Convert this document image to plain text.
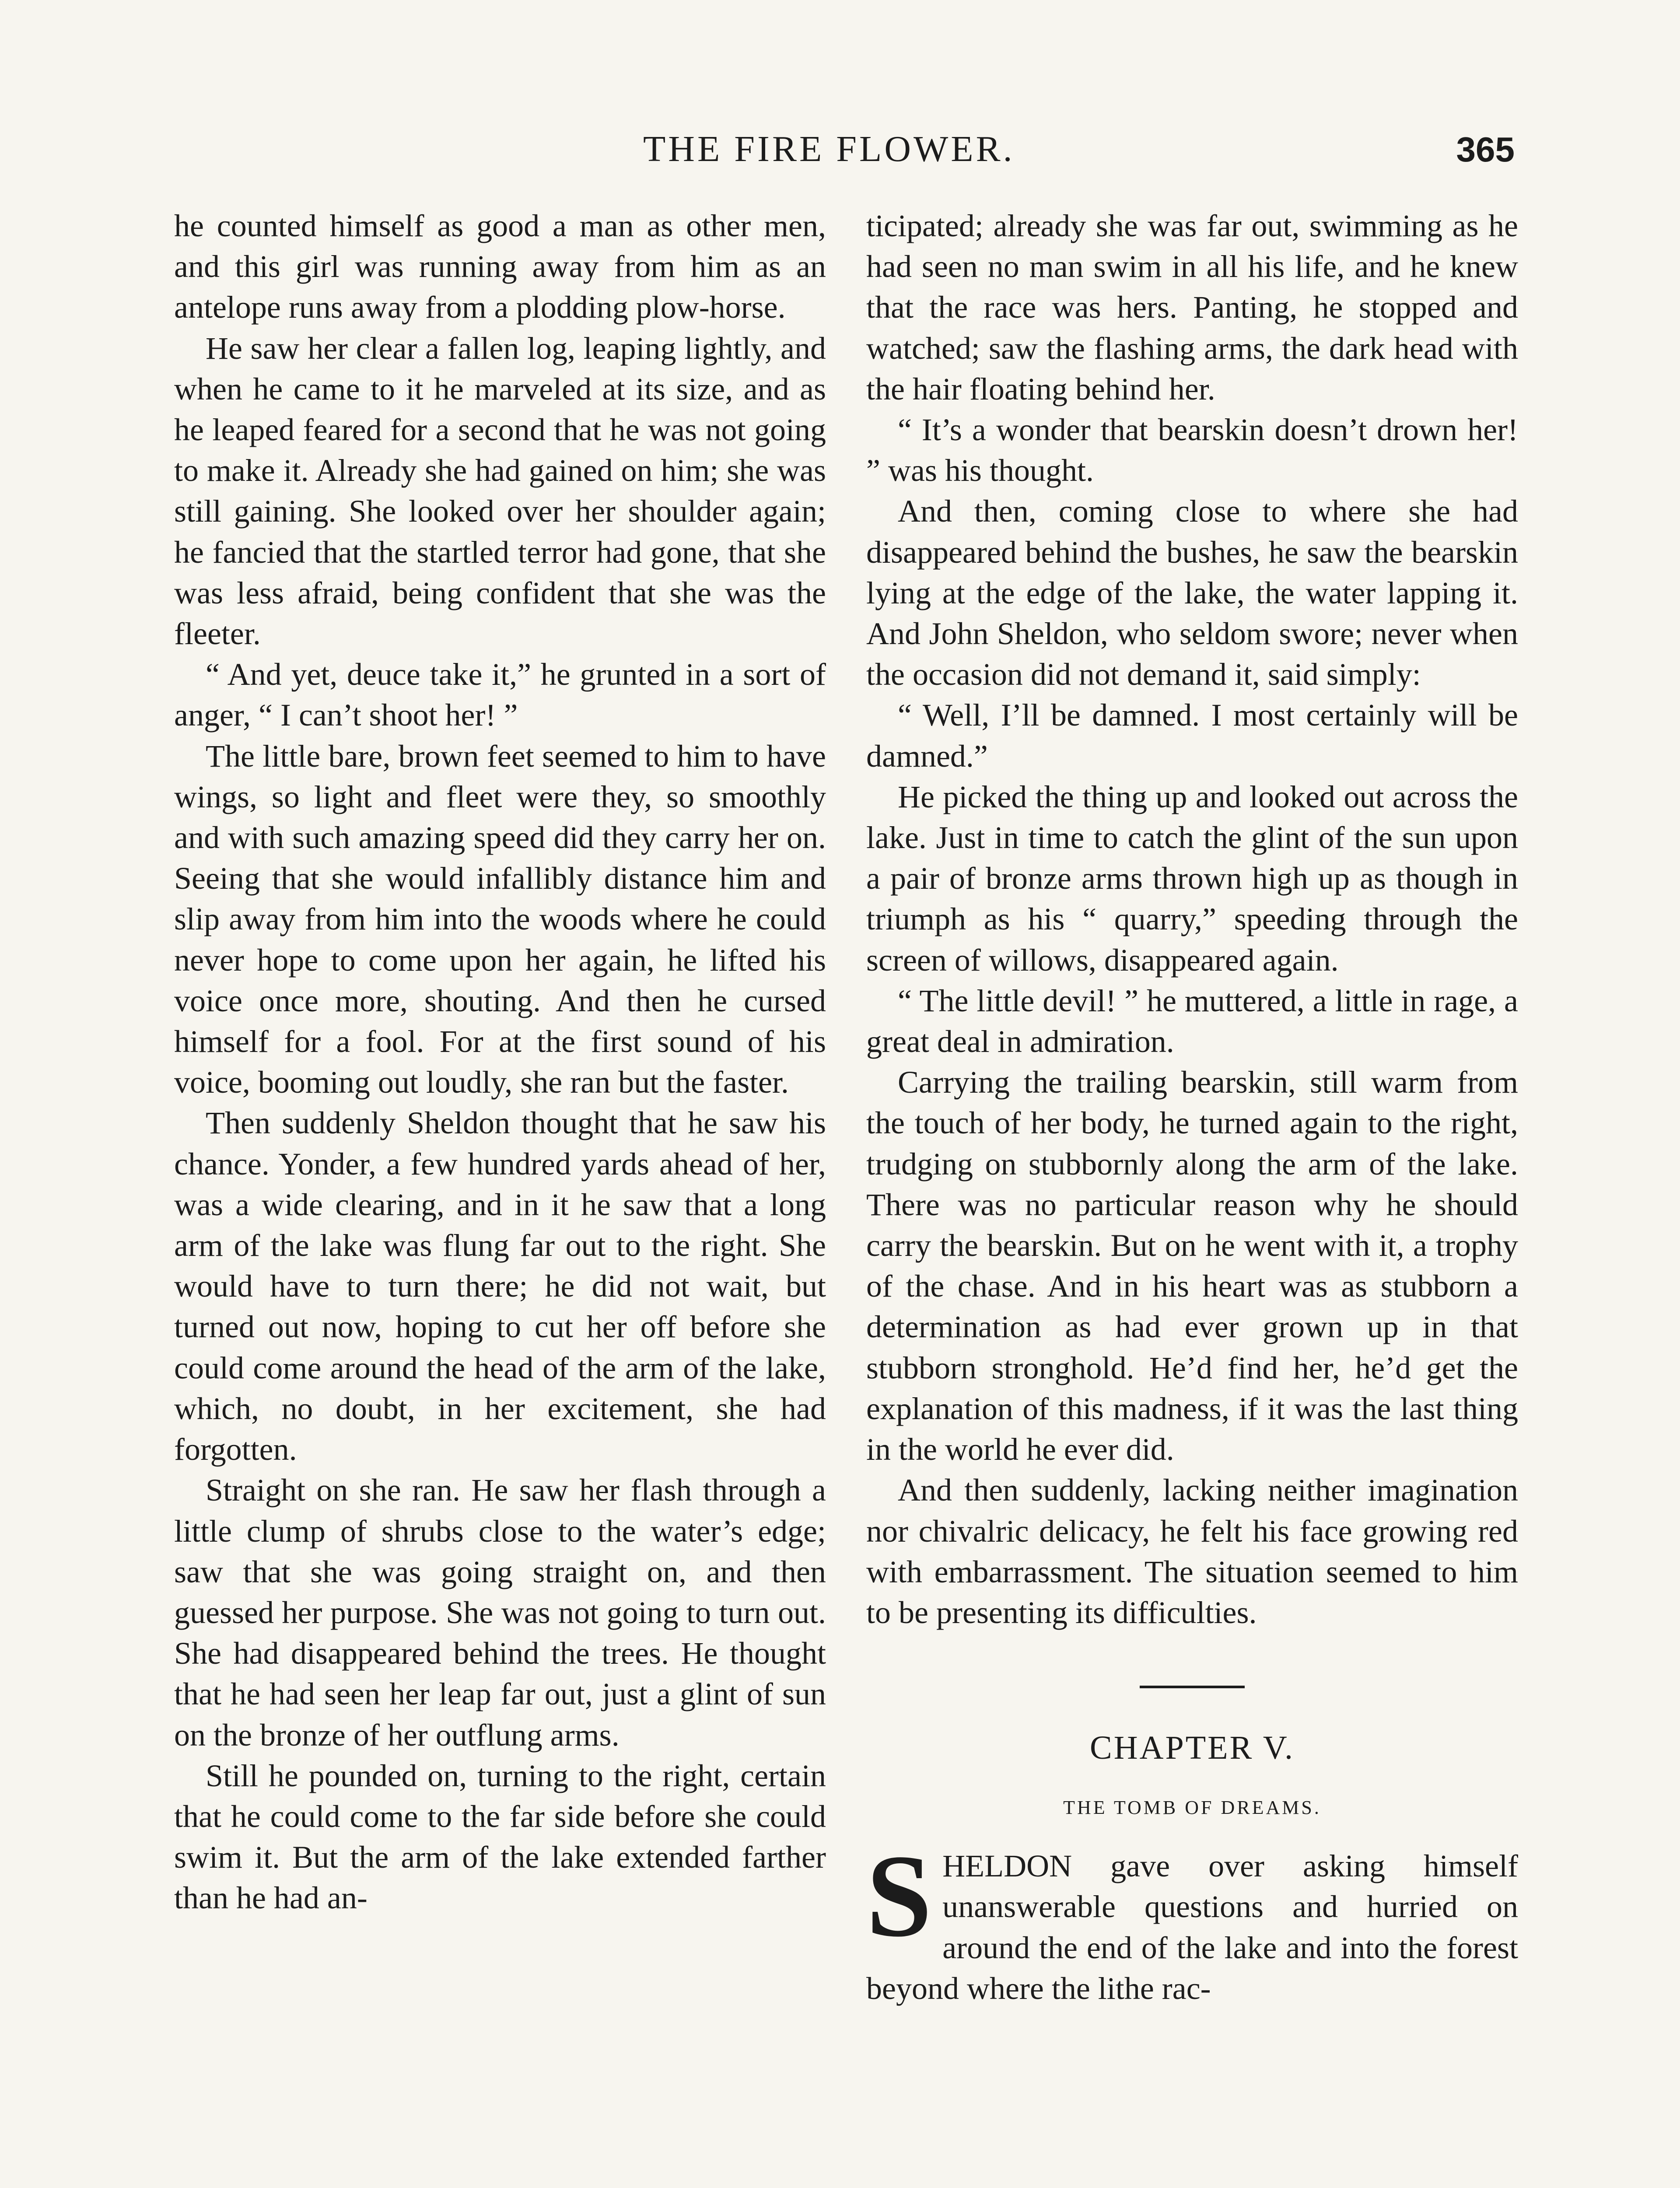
THE FIRE FLOWER.	365

he counted himself as good a man as other men, and this girl was running away from him as an antelope runs away from a plodding plow-horse.

He saw her clear a fallen log, leaping lightly, and when he came to it he marveled at its size, and as he leaped feared for a second that he was not going to make it. Already she had gained on him; she was still gaining. She looked over her shoulder again; he fancied that the startled terror had gone, that she was less afraid, being confident that she was the fleeter.

“ And yet, deuce take it,” he grunted in a sort of anger, “ I can’t shoot her! ”

The little bare, brown feet seemed to him to have wings, so light and fleet were they, so smoothly and with such amazing speed did they carry her on. Seeing that she would infallibly distance him and slip away from him into the woods where he could never hope to come upon her again, he lifted his voice once more, shouting. And then he cursed himself for a fool. For at the first sound of his voice, booming out loudly, she ran but the faster.

Then suddenly Sheldon thought that he saw his chance. Yonder, a few hundred yards ahead of her, was a wide clearing, and in it he saw that a long arm of the lake was flung far out to the right. She would have to turn there; he did not wait, but turned out now, hoping to cut her off before she could come around the head of the arm of the lake, which, no doubt, in her excitement, she had forgotten.

Straight on she ran. He saw her flash through a little clump of shrubs close to the water’s edge; saw that she was going straight on, and then guessed her purpose. She was not going to turn out. She had disappeared behind the trees. He thought that he had seen her leap far out, just a glint of sun on the bronze of her outflung arms.

Still he pounded on, turning to the right, certain that he could come to the far side before she could swim it. But the arm of the lake extended farther than he had an-

ticipated; already she was far out, swimming as he had seen no man swim in all his life, and he knew that the race was hers. Panting, he stopped and watched; saw the flashing arms, the dark head with the hair floating behind her.

“ It’s a wonder that bearskin doesn’t drown her! ” was his thought.

And then, coming close to where she had disappeared behind the bushes, he saw the bearskin lying at the edge of the lake, the water lapping it. And John Sheldon, who seldom swore; never when the occasion did not demand it, said simply:

“ Well, I’ll be damned. I most certainly will be damned.”

He picked the thing up and looked out across the lake. Just in time to catch the glint of the sun upon a pair of bronze arms thrown high up as though in triumph as his “ quarry,” speeding through the screen of willows, disappeared again.

“ The little devil! ” he muttered, a little in rage, a great deal in admiration.

Carrying the trailing bearskin, still warm from the touch of her body, he turned again to the right, trudging on stubbornly along the arm of the lake. There was no particular reason why he should carry the bearskin. But on he went with it, a trophy of the chase. And in his heart was as stubborn a determination as had ever grown up in that stubborn stronghold. He’d find her, he’d get the explanation of this madness, if it was the last thing in the world he ever did.

And then suddenly, lacking neither imagination nor chivalric delicacy, he felt his face growing red with embarrassment. The situation seemed to him to be presenting its difficulties.

CHAPTER V.
THE TOMB OF DREAMS.

SHELDON gave over asking himself unanswerable questions and hurried on around the end of the lake and into the forest beyond where the lithe rac-
